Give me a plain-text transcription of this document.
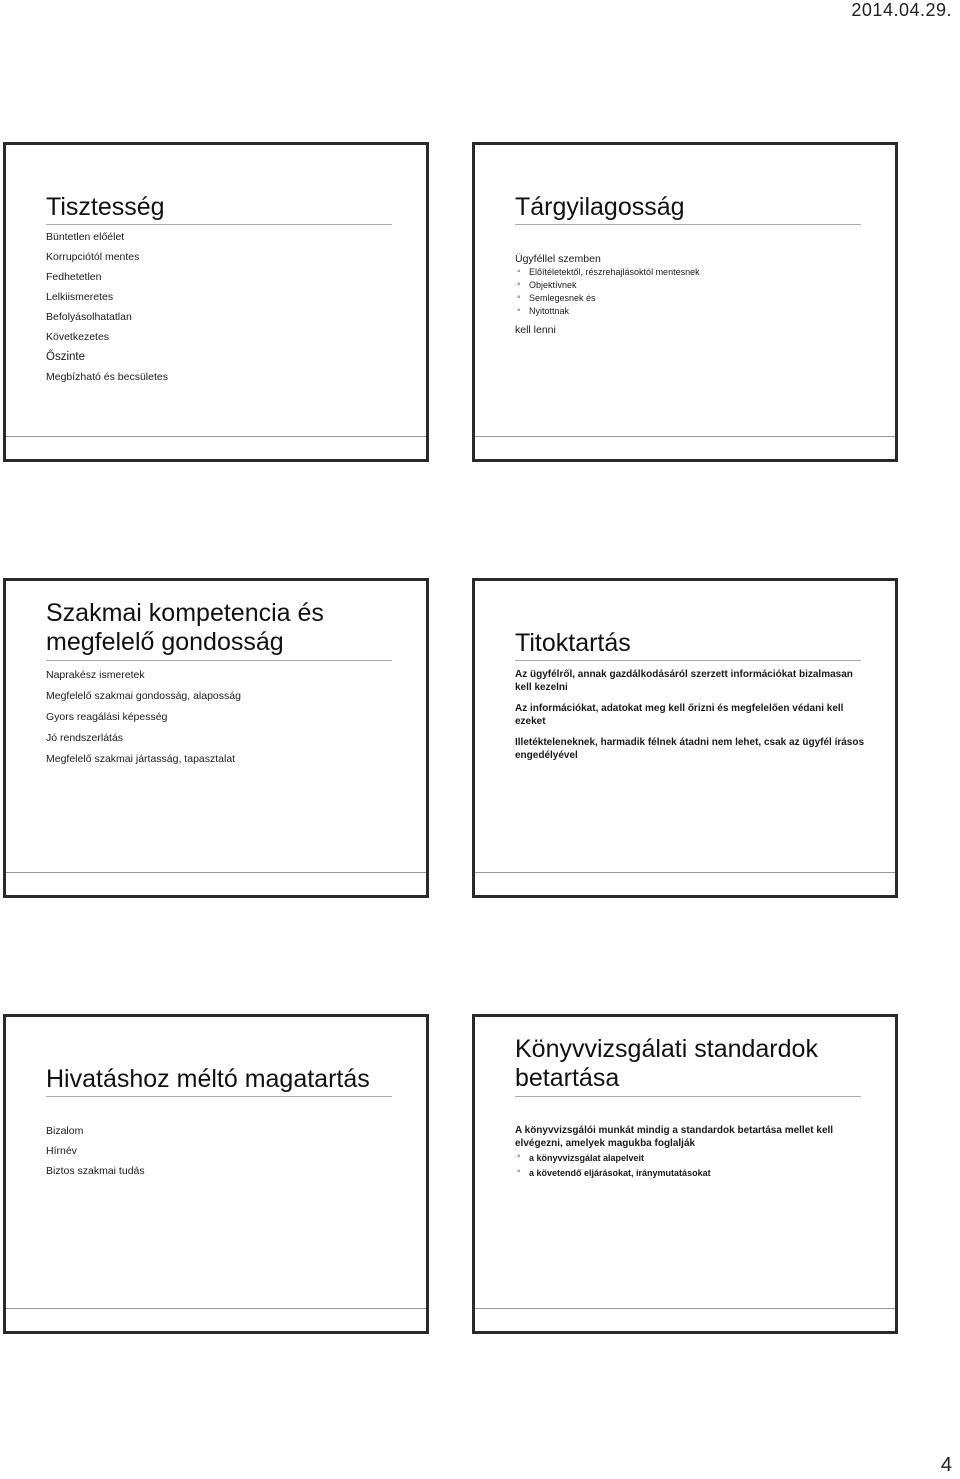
2014.04.29.
Tisztesség
Büntetlen előélet
Korrupciótól mentes
Fedhetetlen
Lelkiismeretes
Befolyásolhatatlan
Következetes
Őszinte
Megbízható és becsületes
Tárgyilagosság
Ügyféllel szemben
◦ Előítéletektől, részrehajlásoktól mentesnek
◦ Objektívnek
◦ Semlegesnek és
◦ Nyitottnak
kell lenni
Szakmai kompetencia és
megfelelő gondosság
Naprakész ismeretek
Megfelelő szakmai gondosság, alaposság
Gyors reagálási képesség
Jó rendszerlátás
Megfelelő szakmai jártasság, tapasztalat
Titoktartás
Az ügyfélről, annak gazdálkodásáról szerzett információkat bizalmasan kell kezelni
Az információkat, adatokat meg kell őrizni és megfelelően védani kell ezeket
Illetékteleneknek, harmadik félnek átadni nem lehet, csak az ügyfél írásos engedélyével
Hivatáshoz méltó magatartás
Bizalom
Hírnév
Biztos szakmai tudás
Könyvvizsgálati standardok
betartása
A könyvvizsgálói munkát mindig a standardok betartása mellet kell elvégezni, amelyek magukba foglalják
◦ a könyvvizsgálat alapelveit
◦ a követendő eljárásokat, iránymutatásokat
4
